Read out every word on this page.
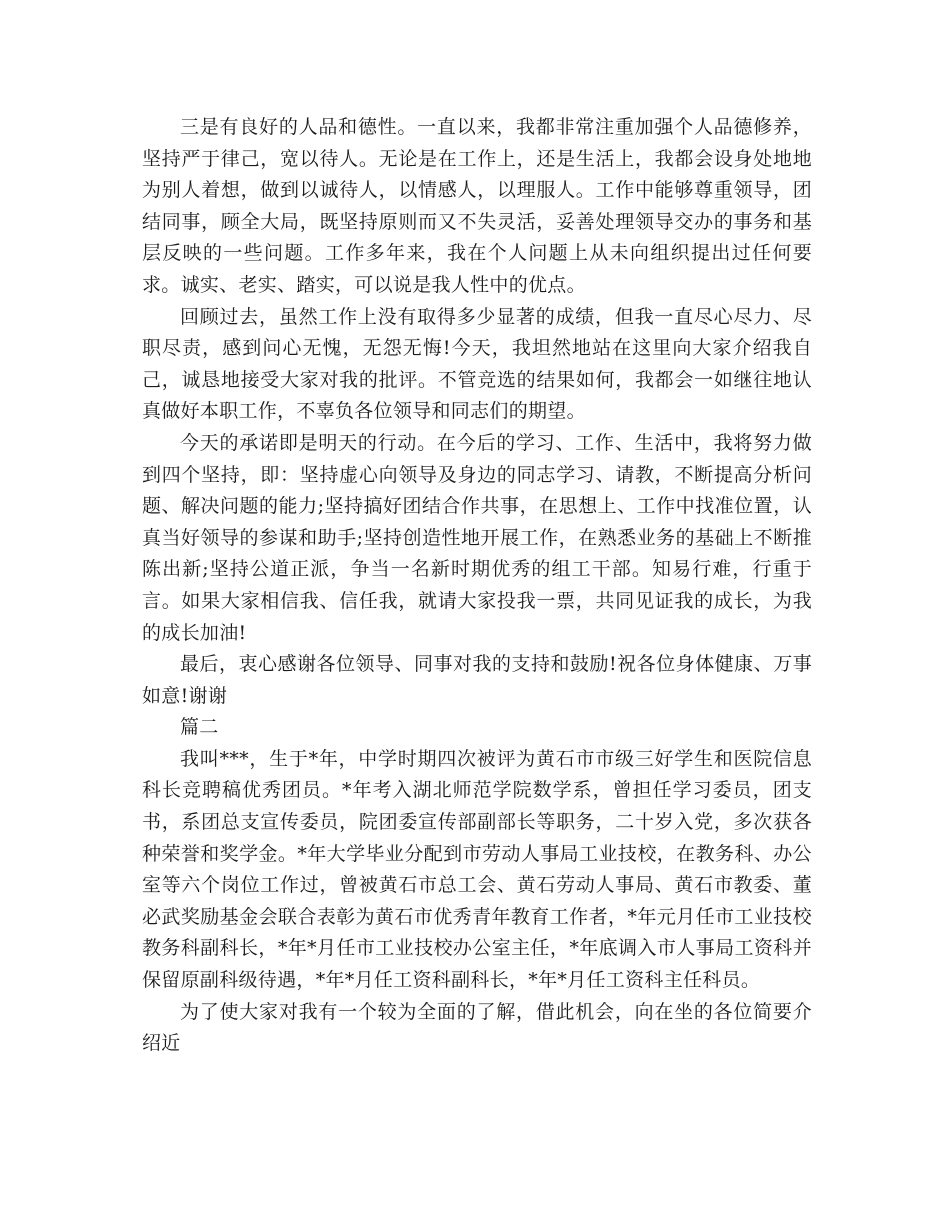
三是有良好的人品和德性。一直以来，我都非常注重加强个人品德修养，坚持严于律己，宽以待人。无论是在工作上，还是生活上，我都会设身处地地为别人着想，做到以诚待人，以情感人，以理服人。工作中能够尊重领导，团结同事，顾全大局，既坚持原则而又不失灵活，妥善处理领导交办的事务和基层反映的一些问题。工作多年来，我在个人问题上从未向组织提出过任何要求。诚实、老实、踏实，可以说是我人性中的优点。

回顾过去，虽然工作上没有取得多少显著的成绩，但我一直尽心尽力、尽职尽责，感到问心无愧，无怨无悔!今天，我坦然地站在这里向大家介绍我自己，诚恳地接受大家对我的批评。不管竞选的结果如何，我都会一如继往地认真做好本职工作，不辜负各位领导和同志们的期望。

今天的承诺即是明天的行动。在今后的学习、工作、生活中，我将努力做到四个坚持，即：坚持虚心向领导及身边的同志学习、请教，不断提高分析问题、解决问题的能力;坚持搞好团结合作共事，在思想上、工作中找准位置，认真当好领导的参谋和助手;坚持创造性地开展工作，在熟悉业务的基础上不断推陈出新;坚持公道正派，争当一名新时期优秀的组工干部。知易行难，行重于言。如果大家相信我、信任我，就请大家投我一票，共同见证我的成长，为我的成长加油!

最后，衷心感谢各位领导、同事对我的支持和鼓励!祝各位身体健康、万事如意!谢谢

篇二

我叫***，生于*年，中学时期四次被评为黄石市市级三好学生和医院信息科长竞聘稿优秀团员。*年考入湖北师范学院数学系，曾担任学习委员，团支书，系团总支宣传委员，院团委宣传部副部长等职务，二十岁入党，多次获各种荣誉和奖学金。*年大学毕业分配到市劳动人事局工业技校，在教务科、办公室等六个岗位工作过，曾被黄石市总工会、黄石劳动人事局、黄石市教委、董必武奖励基金会联合表彰为黄石市优秀青年教育工作者，*年元月任市工业技校教务科副科长，*年*月任市工业技校办公室主任，*年底调入市人事局工资科并保留原副科级待遇，*年*月任工资科副科长，*年*月任工资科主任科员。

为了使大家对我有一个较为全面的了解，借此机会，向在坐的各位简要介绍近
